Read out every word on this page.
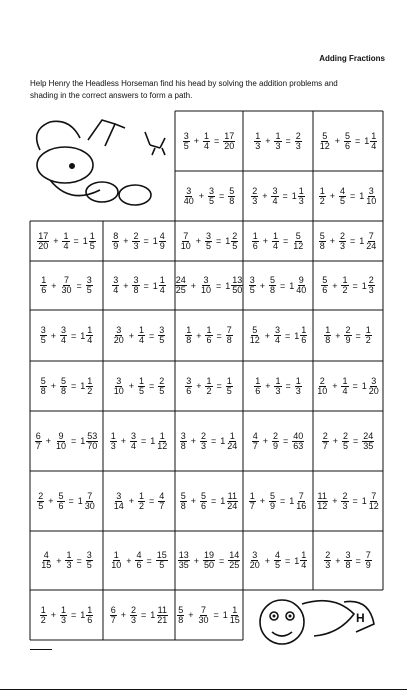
Adding Fractions
Help Henry the Headless Horseman find his head by solving the addition problems and shading in the correct answers to form a path.
H
$\frac{3}{5} + \frac{1}{4} = \frac{17}{20} \frac{1}{3} + \frac{1}{3} = \frac{2}{3} \frac{5}{12} + \frac{5}{6} = 1 \frac{1}{4}$
$\frac{3}{40} + \frac{3}{5} = \frac{5}{8} \frac{2}{3} + \frac{3}{4} = 1 \frac{1}{3} \frac{1}{2} + \frac{4}{5} = 1 \frac{3}{10}$
$\frac{17}{20} + \frac{1}{4} = 1 \frac{1}{5} \frac{8}{9} + \frac{2}{3} = 1 \frac{4}{9} \frac{7}{10} + \frac{3}{5} = 1 \frac{2}{5} \frac{1}{6} + \frac{1}{4} = \frac{5}{12} \frac{5}{8} + \frac{2}{3} = 1 \frac{7}{24}$
$\frac{1}{6} + \frac{7}{30} = \frac{3}{5} \frac{3}{4} + \frac{3}{8} = 1 \frac{1}{4} \frac{24}{25} + \frac{3}{10} = 1 \frac{13}{50} \frac{3}{5} + \frac{5}{8} = 1 \frac{9}{40} \frac{5}{6} + \frac{1}{2} = 1 \frac{2}{3}$
$\frac{3}{5} + \frac{3}{4} = 1 \frac{1}{4} \frac{3}{20} + \frac{1}{4} = \frac{3}{5} \frac{1}{8} + \frac{1}{6} = \frac{7}{8} \frac{5}{12} + \frac{3}{4} = 1 \frac{1}{6} \frac{1}{8} + \frac{2}{9} = \frac{1}{2}$
$\frac{5}{8} + \frac{5}{8} = 1 \frac{1}{2} \frac{3}{10} + \frac{1}{5} = \frac{2}{5} \frac{3}{6} + \frac{1}{2} = \frac{1}{5} \frac{1}{6} + \frac{1}{3} = \frac{1}{3} \frac{2}{10} + \frac{1}{4} = 1 \frac{3}{20}$
$\frac{6}{7} + \frac{9}{10} = 1 \frac{53}{70} \frac{1}{3} + \frac{3}{4} = 1 \frac{1}{12} \frac{3}{8} + \frac{2}{3} = 1 \frac{1}{24} \frac{4}{7} + \frac{2}{9} = \frac{40}{63} \frac{2}{7} + \frac{2}{5} = \frac{24}{35}$
$\frac{2}{5} + \frac{5}{6} = 1 \frac{7}{30} \frac{3}{14} + \frac{1}{2} = \frac{4}{7} \frac{5}{8} + \frac{5}{6} = 1 \frac{11}{24} \frac{1}{7} + \frac{5}{9} = 1 \frac{7}{16} \frac{11}{12} + \frac{2}{3} = 1 \frac{7}{12}$
$\frac{4}{15} + \frac{1}{3} = \frac{3}{5} \frac{1}{10} + \frac{4}{6} = \frac{15}{5} \frac{13}{35} + \frac{19}{50} = \frac{14}{25} \frac{3}{20} + \frac{4}{5} = 1 \frac{1}{4} \frac{2}{3} + \frac{3}{8} = \frac{7}{9}$
$\frac{1}{2} + \frac{1}{3} = 1 \frac{1}{6} \frac{6}{7} + \frac{2}{3} = 1 \frac{11}{21} \frac{5}{8} + \frac{7}{30} = 1 \frac{1}{15}$
